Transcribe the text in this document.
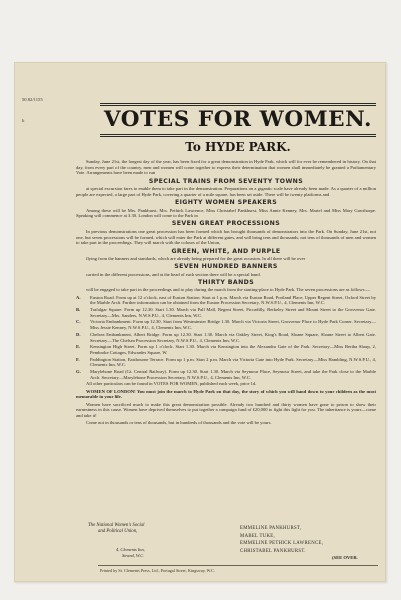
50.82/1155
li	VOTES FOR WOMEN.
To HYDE PARK.

Sunday, June 21st, the longest day of the year, has been fixed for a great demonstration in Hyde Park, which will for ever be remembered in history. On that day, from every part of the country, men and women will come together to express their determination that women shall immediately be granted a Parliamentary Vote. Arrangements have been made to run

SPECIAL TRAINS FROM SEVENTY TOWNS

at special excursion fares to enable them to take part in the demonstration. Preparations on a gigantic scale have already been made. As a quarter of a million people are expected, a large part of Hyde Park, covering a quarter of a mile square, has been set aside. There will be twenty platforms and

EIGHTY WOMEN SPEAKERS

Among these will be Mrs. Pankhurst, Mrs. Pethick Lawrence, Miss Christabel Pankhurst, Miss Annie Kenney, Mrs. Martel and Miss Mary Gawthorpe. Speaking will commence at 3.30. London will come to the Park in

SEVEN GREAT PROCESSIONS

In previous demonstrations one great procession has been formed which has brought thousands of demonstrators into the Park. On Sunday, June 21st, not one, but seven processions will be formed, which will enter the Park at different gates, and will bring tens and thousands, not tens of thousands of men and women to take part in the proceedings. They will march with the colours of the Union,

GREEN, WHITE, AND PURPLE

flying from the banners and standards, which are already being prepared for the great occasion. In all there will be over

SEVEN HUNDRED BANNERS

carried in the different processions, and at the head of each section there will be a special band.

THIRTY BANDS

will be engaged to take part in the proceedings and to play during the march from the starting-place to Hyde Park. The seven processions are as follows:—

A. Euston Road. Form up at 12 o'clock, east of Euston Station. Start at 1 p.m. March via Euston Road, Portland Place, Upper Regent Street, Oxford Street by the Marble Arch. Further information can be obtained from the Euston Procession Secretary, N.W.S.P.U., 4, Clements Inn, W.C.
B. Trafalgar Square. Form up 12.30. Start 1.30. March via Pall Mall, Regent Street, Piccadilly, Berkeley Street and Mount Street to the Grosvenor Gate. Secretary—Mrs. Sanders, N.W.S.P.U., 4, Clements Inn, W.C.
C. Victoria Embankment. Form up 12.30. Start from Westminster Bridge 1.30. March via Victoria Street, Grosvenor Place to Hyde Park Corner. Secretary—Miss Jessie Kenney, N.W.S.P.U., 4, Clements Inn, W.C.
D. Chelsea Embankment, Albert Bridge. Form up 12.30. Start 1.30. March via Oakley Street, King's Road, Sloane Square, Sloane Street to Albert Gate. Secretary—The Chelsea Procession Secretary, N.W.S.P.U., 4, Clements Inn, W.C.
E. Kensington High Street. Form up 1 o'clock. Start 1.30. March via Kensington into the Alexandra Gate of the Park. Secretary—Miss Bertha Sharp, 2, Pembroke Cottages, Edwardes Square, W.
F. Paddington Station, Eastbourne Terrace. Form up 1 p.m. Start 2 p.m. March via Victoria Gate into Hyde Park. Secretary—Miss Hambling, N.W.S.P.U., 4, Clements Inn, W.C.
G. Marylebone Road (Gt. Central Railway). Form up 12.30. Start 1.30. March via Seymour Place, Seymour Street, and take the Park close to the Marble Arch. Secretary—Marylebone Procession Secretary, N.W.S.P.U., 4, Clements Inn, W.C.

All other particulars can be found in VOTES FOR WOMEN, published each week, price 1d.

WOMEN OF LONDON! You must join the march to Hyde Park on that day, the story of which you will hand down to your children as the most memorable in your life.

Women have sacrificed much to make this great demonstration possible. Already two hundred and thirty women have gone to prison to show their earnestness in this cause. Women have deprived themselves to put together a campaign fund of £20,000 to fight this fight for you. The inheritance is yours—come and take it!

Come not in thousands or tens of thousands, but in hundreds of thousands and the vote will be yours.

The National Women's Social
and Political Union,
4, Clements Inn,
Strand, W.C.
EMMELINE PANKHURST,
MABEL TUKE,
EMMELINE PETHICK LAWRENCE,
CHRISTABEL PANKHURST.
(SEE OVER.
Printed by St. Clements Press, Ltd., Portugal Street, Kingsway, W.C.
